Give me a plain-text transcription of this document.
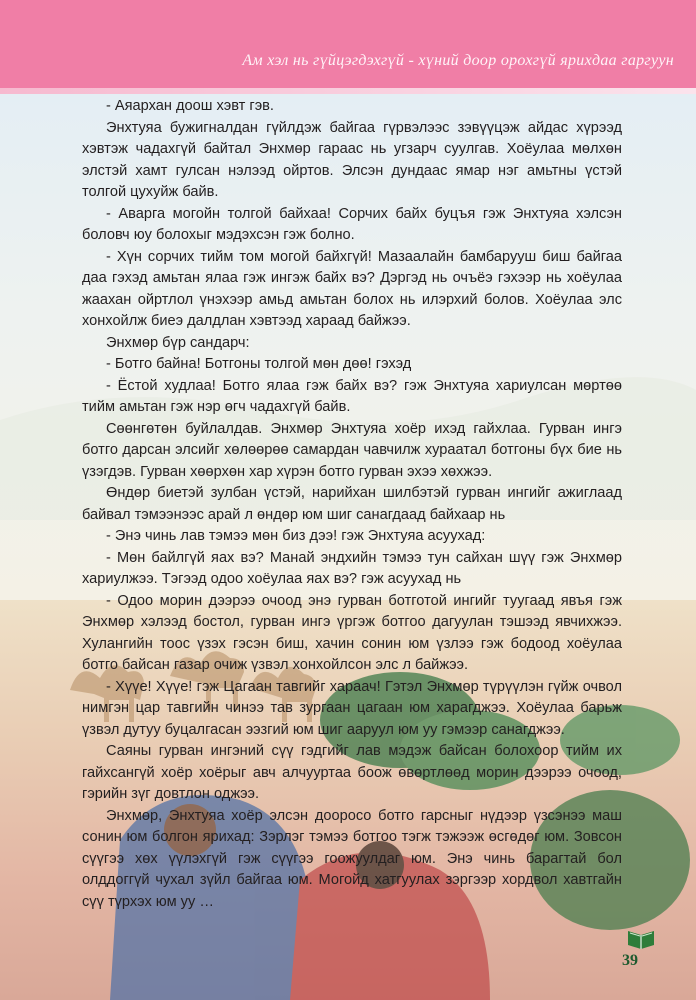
Ам хэл нь гүйцэгдэхгүй - хүний доор орохгүй ярихдаа гаргуун

- Аяархан доош хэвт гэв.

Энхтуяа бужигналдан гүйлдэж байгаа гүрвэлээс зэвүүцэж айдас хүрээд хэвтэж чадахгүй байтал Энхмөр гараас нь угзарч суулгав. Хоёулаа мөлхөн элстэй хамт гулсан нэлээд ойртов. Элсэн дундаас ямар нэг амьтны үстэй толгой цухуйж байв.

- Аварга могойн толгой байхаа! Сорчих байх буцъя гэж Энхтуяа хэлсэн боловч юу болохыг мэдэхсэн гэж болно.

- Хүн сорчих тийм том могой байхгүй! Мазаалайн бамбарууш биш байгаа даа гэхэд амьтан ялаа гэж ингэж байх вэ? Дэргэд нь очъёэ гэхээр нь хоёулаа жаахан ойртлол үнэхээр амьд амьтан болох нь илэрхий болов. Хоёулаа элс хонхойлж биеэ далдлан хэвтээд хараад байжээ.

Энхмөр бүр сандарч:

- Ботго байна! Ботгоны толгой мөн дөө! гэхэд

- Ёстой худлаа! Ботго ялаа гэж байх вэ? гэж Энхтуяа хариулсан мөртөө тийм амьтан гэж нэр өгч чадахгүй байв.

Сөөнгөтөн буйлалдав. Энхмөр Энхтуяа хоёр ихэд гайхлаа. Гурван ингэ ботго дарсан элсийг хөлөөрөө самардан чавчилж хураатал ботгоны бүх бие нь үзэгдэв. Гурван хөөрхөн хар хүрэн ботго гурван эхээ хөхжээ.

Өндөр биетэй зулбан үстэй, нарийхан шилбэтэй гурван ингийг ажиглаад байвал тэмээнээс арай л өндөр юм шиг санагдаад байхаар нь

- Энэ чинь лав тэмээ мөн биз дээ! гэж Энхтуяа асуухад:

- Мөн байлгүй яах вэ? Манай эндхийн тэмээ тун сайхан шүү гэж Энхмөр хариулжээ. Тэгээд одоо хоёулаа яах вэ? гэж асуухад нь

- Одоо морин дээрээ очоод энэ гурван ботготой ингийг туугаад явъя гэж Энхмөр хэлээд бостол, гурван ингэ үргэж ботгоо дагуулан тэшээд явчихжээ. Хулангийн тоос үзэх гэсэн биш, хачин сонин юм үзлээ гэж бодоод хоёулаа ботго байсан газар очиж үзвэл хонхойлсон элс л байжээ.

- Хүүе! Хүүе! гэж Цагаан тавгийг хараач! Гэтэл Энхмөр түрүүлэн гүйж очвол нимгэн цар тавгийн чинээ тав зургаан цагаан юм харагджээ. Хоёулаа барьж үзвэл дутуу буцалгасан ээзгий юм шиг ааруул юм уу гэмээр санагджээ.

Саяны гурван ингэний сүү гэдгийг лав мэдэж байсан болохоор тийм их гайхсангүй хоёр хоёрыг авч алчууртаа боож өвөртлөөд морин дээрээ очоод, гэрийн зүг довтлон оджээ.

Энхмөр, Энхтуяа хоёр элсэн дооросо ботго гарсныг нүдээр үзсэнээ маш сонин юм болгон ярихад: Зэрлэг тэмээ ботгоо тэгж тэжээж өсгөдөг юм. Зовсон сүүгээ хөх үүлэхгүй гэж сүүгээ гоожуулдаг юм. Энэ чинь барагтай бол олддоггүй чухал зүйл байгаа юм. Могойд хатгуулах зэргээр хордвол хавтгайн сүү түрхэх юм уу …

39
